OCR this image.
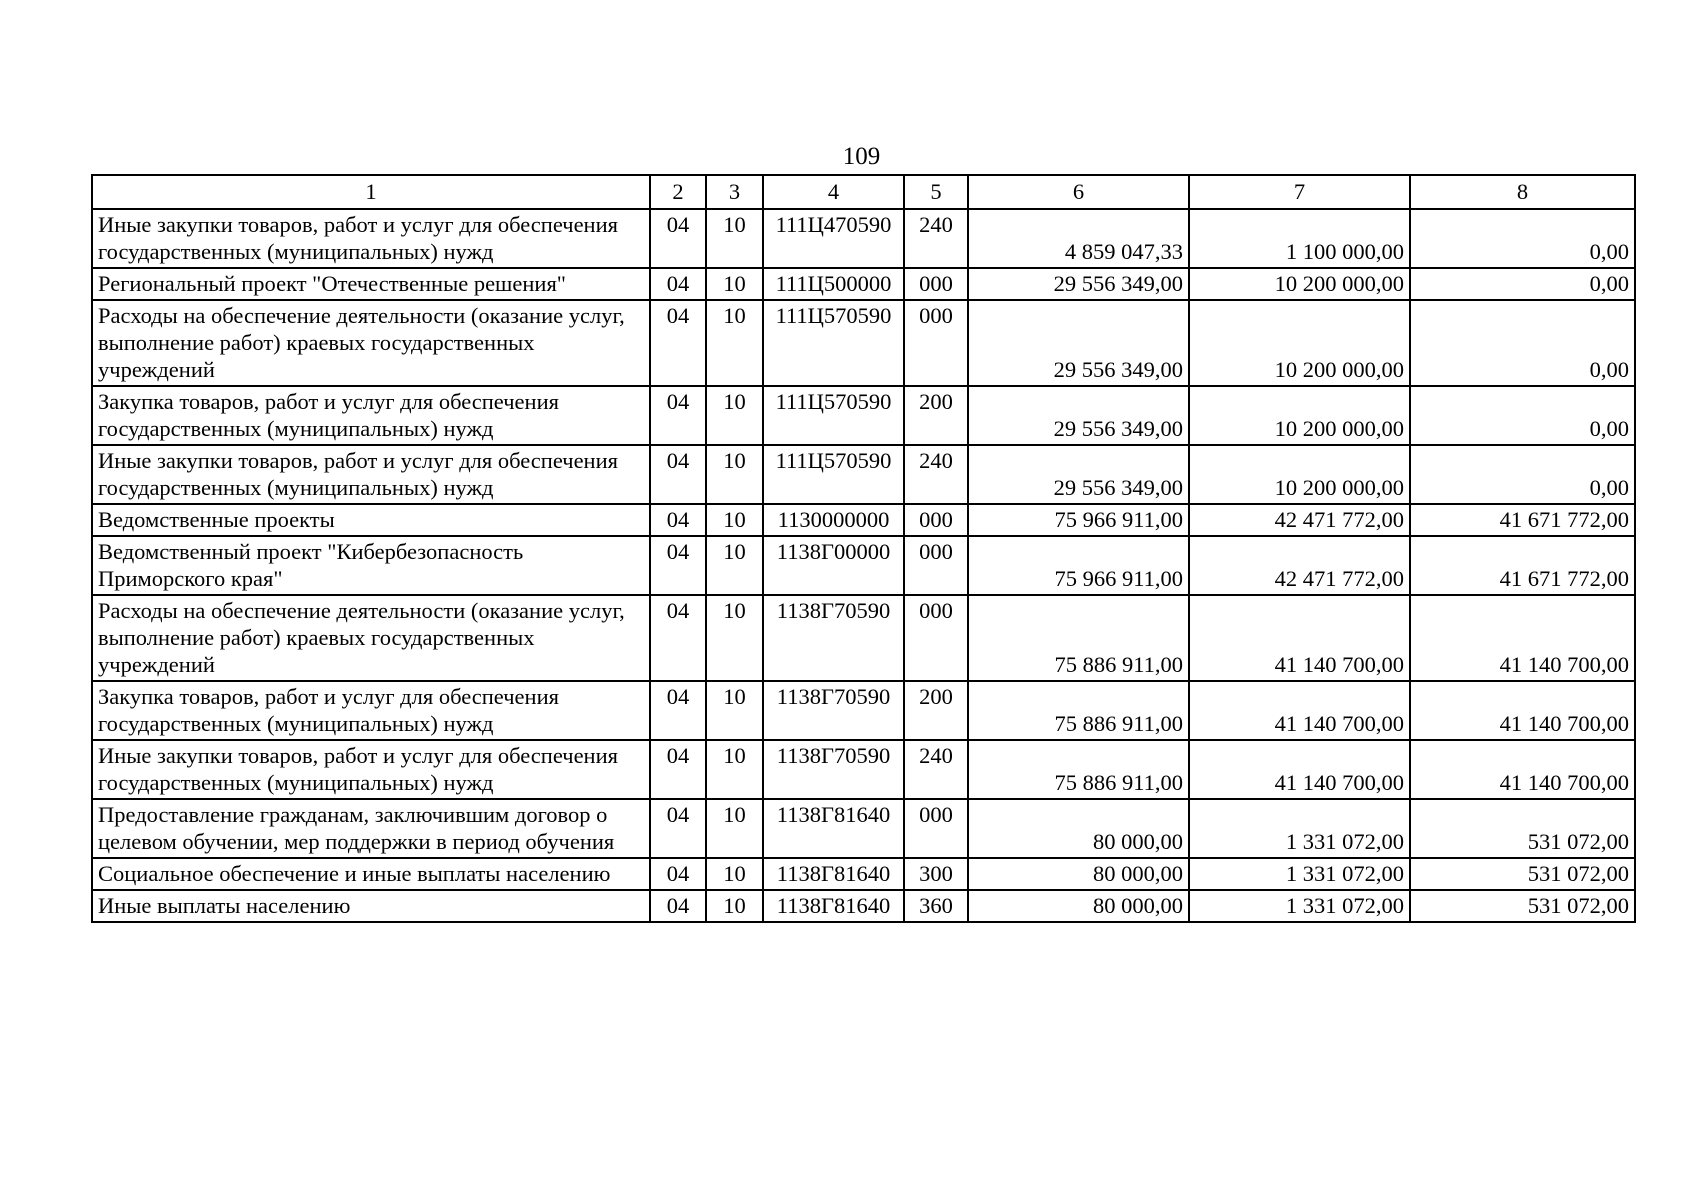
109
1	2	3	4	5	6	7	8
Иные закупки товаров, работ и услуг для обеспечения государственных (муниципальных) нужд	04	10	111Ц470590	240	4 859 047,33	1 100 000,00	0,00
Региональный проект "Отечественные решения"	04	10	111Ц500000	000	29 556 349,00	10 200 000,00	0,00
Расходы на обеспечение деятельности (оказание услуг, выполнение работ) краевых государственных учреждений	04	10	111Ц570590	000	29 556 349,00	10 200 000,00	0,00
Закупка товаров, работ и услуг для обеспечения государственных (муниципальных) нужд	04	10	111Ц570590	200	29 556 349,00	10 200 000,00	0,00
Иные закупки товаров, работ и услуг для обеспечения государственных (муниципальных) нужд	04	10	111Ц570590	240	29 556 349,00	10 200 000,00	0,00
Ведомственные проекты	04	10	1130000000	000	75 966 911,00	42 471 772,00	41 671 772,00
Ведомственный проект "Кибербезопасность Приморского края"	04	10	1138Г00000	000	75 966 911,00	42 471 772,00	41 671 772,00
Расходы на обеспечение деятельности (оказание услуг, выполнение работ) краевых государственных учреждений	04	10	1138Г70590	000	75 886 911,00	41 140 700,00	41 140 700,00
Закупка товаров, работ и услуг для обеспечения государственных (муниципальных) нужд	04	10	1138Г70590	200	75 886 911,00	41 140 700,00	41 140 700,00
Иные закупки товаров, работ и услуг для обеспечения государственных (муниципальных) нужд	04	10	1138Г70590	240	75 886 911,00	41 140 700,00	41 140 700,00
Предоставление гражданам, заключившим договор о целевом обучении, мер поддержки в период обучения	04	10	1138Г81640	000	80 000,00	1 331 072,00	531 072,00
Социальное обеспечение и иные выплаты населению	04	10	1138Г81640	300	80 000,00	1 331 072,00	531 072,00
Иные выплаты населению	04	10	1138Г81640	360	80 000,00	1 331 072,00	531 072,00
